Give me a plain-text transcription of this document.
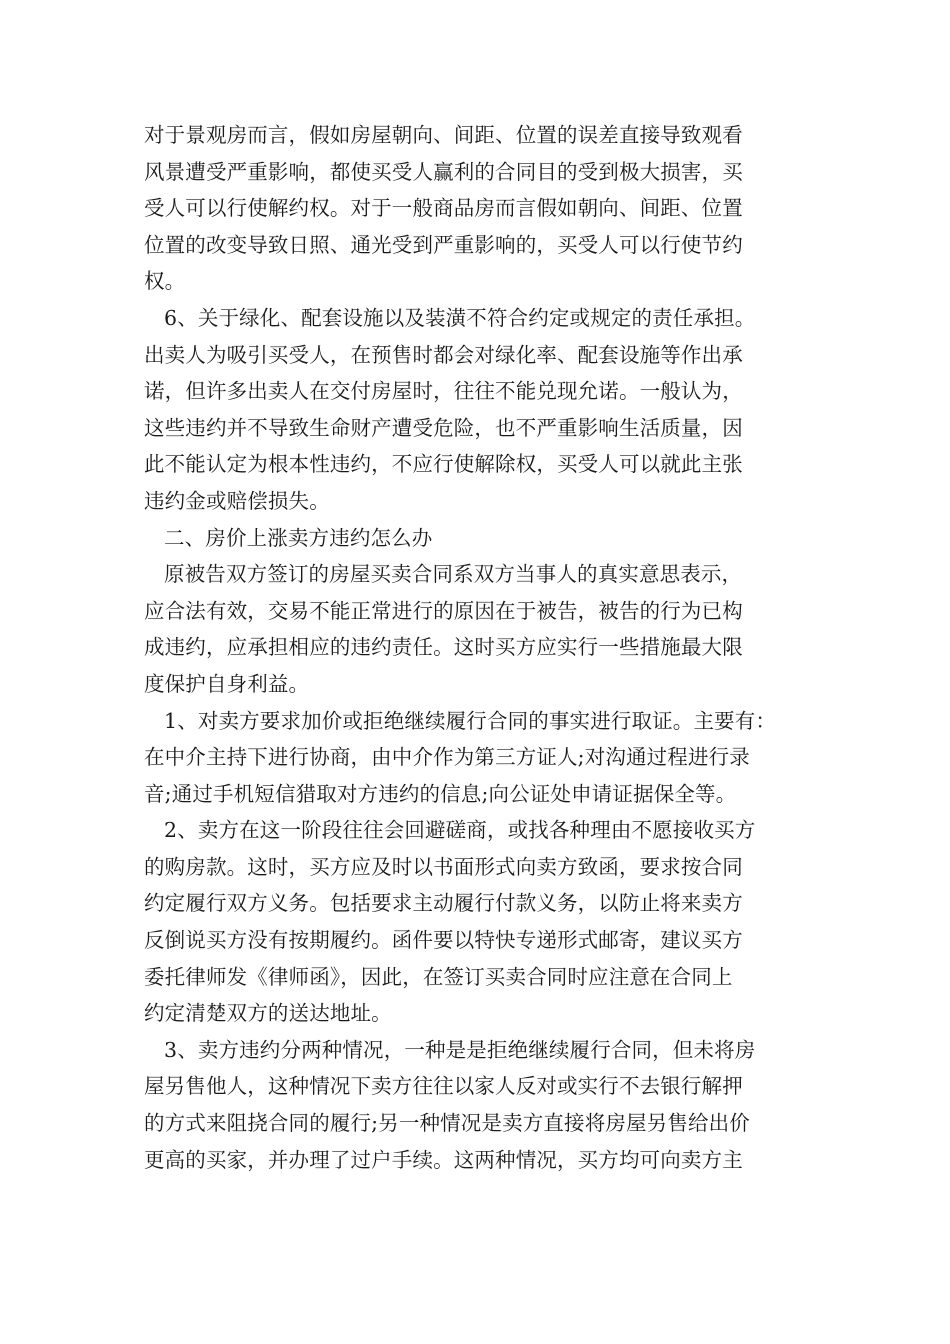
对于景观房而言，假如房屋朝向、间距、位置的误差直接导致观看
风景遭受严重影响，都使买受人赢利的合同目的受到极大损害，买
受人可以行使解约权。对于一般商品房而言假如朝向、间距、位置
位置的改变导致日照、通光受到严重影响的，买受人可以行使节约
权。
6、关于绿化、配套设施以及装潢不符合约定或规定的责任承担。
出卖人为吸引买受人，在预售时都会对绿化率、配套设施等作出承
诺，但许多出卖人在交付房屋时，往往不能兑现允诺。一般认为，
这些违约并不导致生命财产遭受危险，也不严重影响生活质量，因
此不能认定为根本性违约，不应行使解除权，买受人可以就此主张
违约金或赔偿损失。
二、房价上涨卖方违约怎么办
原被告双方签订的房屋买卖合同系双方当事人的真实意思表示，
应合法有效，交易不能正常进行的原因在于被告，被告的行为已构
成违约，应承担相应的违约责任。这时买方应实行一些措施最大限
度保护自身利益。
1、对卖方要求加价或拒绝继续履行合同的事实进行取证。主要有：
在中介主持下进行协商，由中介作为第三方证人;对沟通过程进行录
音;通过手机短信猎取对方违约的信息;向公证处申请证据保全等。
2、卖方在这一阶段往往会回避磋商，或找各种理由不愿接收买方
的购房款。这时，买方应及时以书面形式向卖方致函，要求按合同
约定履行双方义务。包括要求主动履行付款义务，以防止将来卖方
反倒说买方没有按期履约。函件要以特快专递形式邮寄，建议买方
委托律师发《律师函》，因此，在签订买卖合同时应注意在合同上
约定清楚双方的送达地址。
3、卖方违约分两种情况，一种是是拒绝继续履行合同，但未将房
屋另售他人，这种情况下卖方往往以家人反对或实行不去银行解押
的方式来阻挠合同的履行;另一种情况是卖方直接将房屋另售给出价
更高的买家，并办理了过户手续。这两种情况，买方均可向卖方主
